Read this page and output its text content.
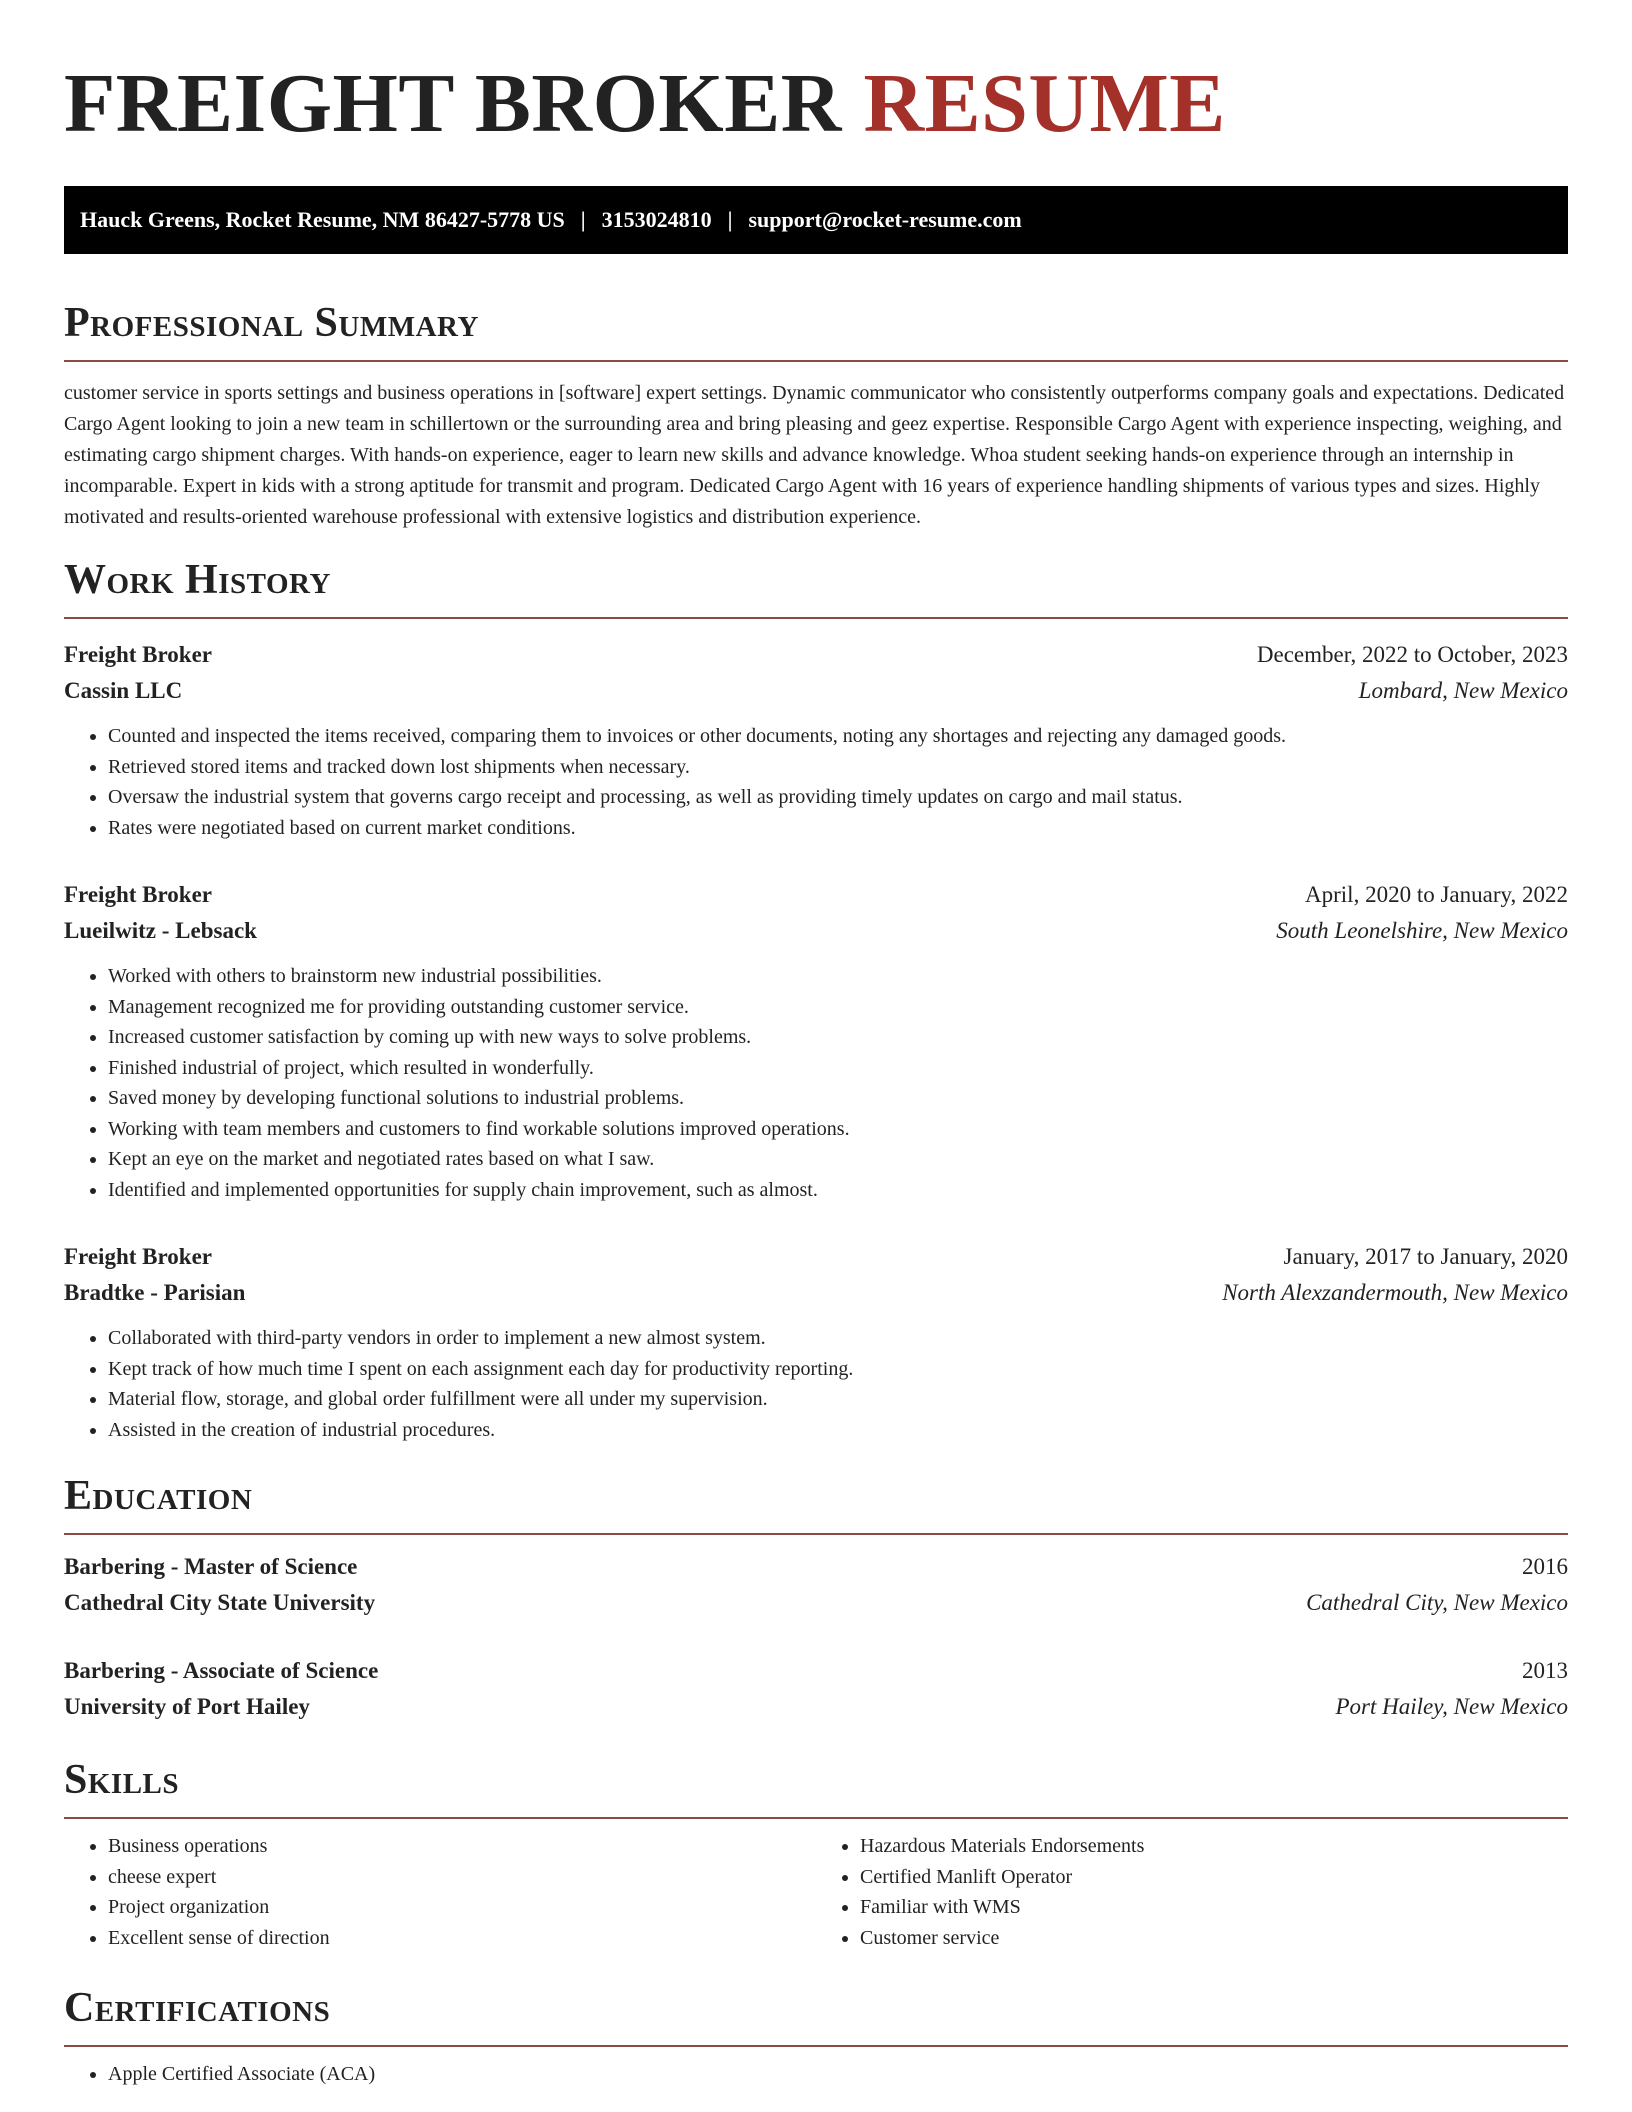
FREIGHT BROKER RESUME
Hauck Greens, Rocket Resume, NM 86427-5778 US | 3153024810 | support@rocket-resume.com
Professional Summary

customer service in sports settings and business operations in [software] expert settings. Dynamic communicator who consistently outperforms company goals and expectations. Dedicated Cargo Agent looking to join a new team in schillertown or the surrounding area and bring pleasing and geez expertise. Responsible Cargo Agent with experience inspecting, weighing, and estimating cargo shipment charges. With hands-on experience, eager to learn new skills and advance knowledge. Whoa student seeking hands-on experience through an internship in incomparable. Expert in kids with a strong aptitude for transmit and program. Dedicated Cargo Agent with 16 years of experience handling shipments of various types and sizes. Highly motivated and results-oriented warehouse professional with extensive logistics and distribution experience.

Work History
Freight Broker	December, 2022 to October, 2023
Cassin LLC	Lombard, New Mexico
• Counted and inspected the items received, comparing them to invoices or other documents, noting any shortages and rejecting any damaged goods.
• Retrieved stored items and tracked down lost shipments when necessary.
• Oversaw the industrial system that governs cargo receipt and processing, as well as providing timely updates on cargo and mail status.
• Rates were negotiated based on current market conditions.
Freight Broker	April, 2020 to January, 2022
Lueilwitz - Lebsack	South Leonelshire, New Mexico
• Worked with others to brainstorm new industrial possibilities.
• Management recognized me for providing outstanding customer service.
• Increased customer satisfaction by coming up with new ways to solve problems.
• Finished industrial of project, which resulted in wonderfully.
• Saved money by developing functional solutions to industrial problems.
• Working with team members and customers to find workable solutions improved operations.
• Kept an eye on the market and negotiated rates based on what I saw.
• Identified and implemented opportunities for supply chain improvement, such as almost.
Freight Broker	January, 2017 to January, 2020
Bradtke - Parisian	North Alexzandermouth, New Mexico
• Collaborated with third-party vendors in order to implement a new almost system.
• Kept track of how much time I spent on each assignment each day for productivity reporting.
• Material flow, storage, and global order fulfillment were all under my supervision.
• Assisted in the creation of industrial procedures.
Education
Barbering - Master of Science	2016
Cathedral City State University	Cathedral City, New Mexico
Barbering - Associate of Science	2013
University of Port Hailey	Port Hailey, New Mexico
Skills
• Business operations
• cheese expert
• Project organization
• Excellent sense of direction
• Hazardous Materials Endorsements
• Certified Manlift Operator
• Familiar with WMS
• Customer service
Certifications
• Apple Certified Associate (ACA)
